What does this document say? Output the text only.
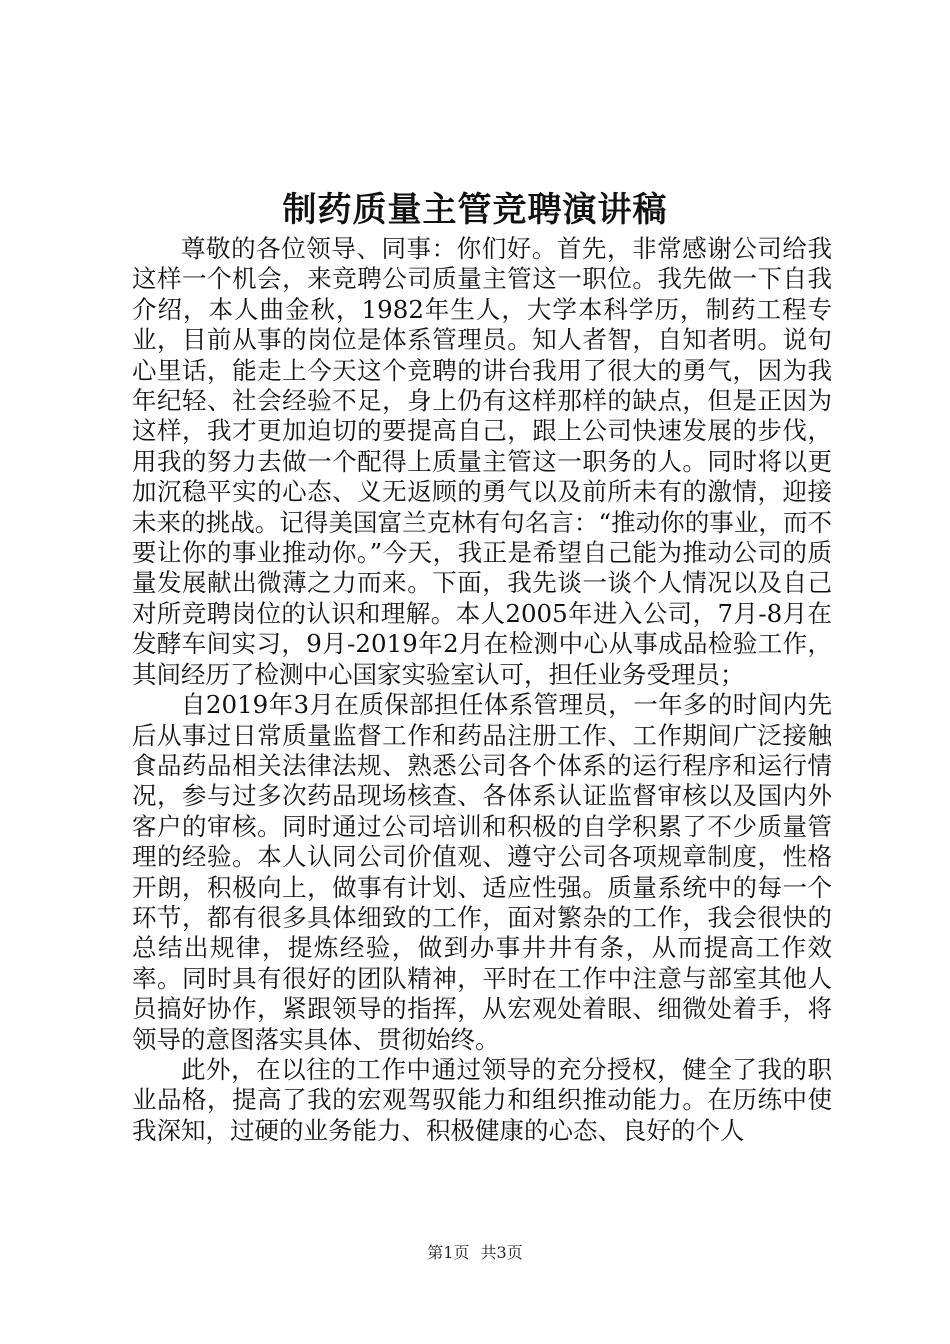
制药质量主管竞聘演讲稿

尊敬的各位领导、同事：你们好。首先，非常感谢公司给我这样一个机会，来竞聘公司质量主管这一职位。我先做一下自我介绍，本人曲金秋，1982年生人，大学本科学历，制药工程专业，目前从事的岗位是体系管理员。知人者智，自知者明。说句心里话，能走上今天这个竞聘的讲台我用了很大的勇气，因为我年纪轻、社会经验不足，身上仍有这样那样的缺点，但是正因为这样，我才更加迫切的要提高自己，跟上公司快速发展的步伐，用我的努力去做一个配得上质量主管这一职务的人。同时将以更加沉稳平实的心态、义无返顾的勇气以及前所未有的激情，迎接未来的挑战。记得美国富兰克林有句名言：“推动你的事业，而不要让你的事业推动你。”今天，我正是希望自己能为推动公司的质量发展献出微薄之力而来。下面，我先谈一谈个人情况以及自己对所竞聘岗位的认识和理解。本人2005年进入公司，7月-8月在发酵车间实习，9月-2019年2月在检测中心从事成品检验工作，其间经历了检测中心国家实验室认可，担任业务受理员；

自2019年3月在质保部担任体系管理员，一年多的时间内先后从事过日常质量监督工作和药品注册工作、工作期间广泛接触食品药品相关法律法规、熟悉公司各个体系的运行程序和运行情况，参与过多次药品现场核查、各体系认证监督审核以及国内外客户的审核。同时通过公司培训和积极的自学积累了不少质量管理的经验。本人认同公司价值观、遵守公司各项规章制度，性格开朗，积极向上，做事有计划、适应性强。质量系统中的每一个环节，都有很多具体细致的工作，面对繁杂的工作，我会很快的总结出规律，提炼经验，做到办事井井有条，从而提高工作效率。同时具有很好的团队精神，平时在工作中注意与部室其他人员搞好协作，紧跟领导的指挥，从宏观处着眼、细微处着手，将领导的意图落实具体、贯彻始终。

此外，在以往的工作中通过领导的充分授权，健全了我的职业品格，提高了我的宏观驾驭能力和组织推动能力。在历练中使我深知，过硬的业务能力、积极健康的心态、良好的个人

第1页 共3页
